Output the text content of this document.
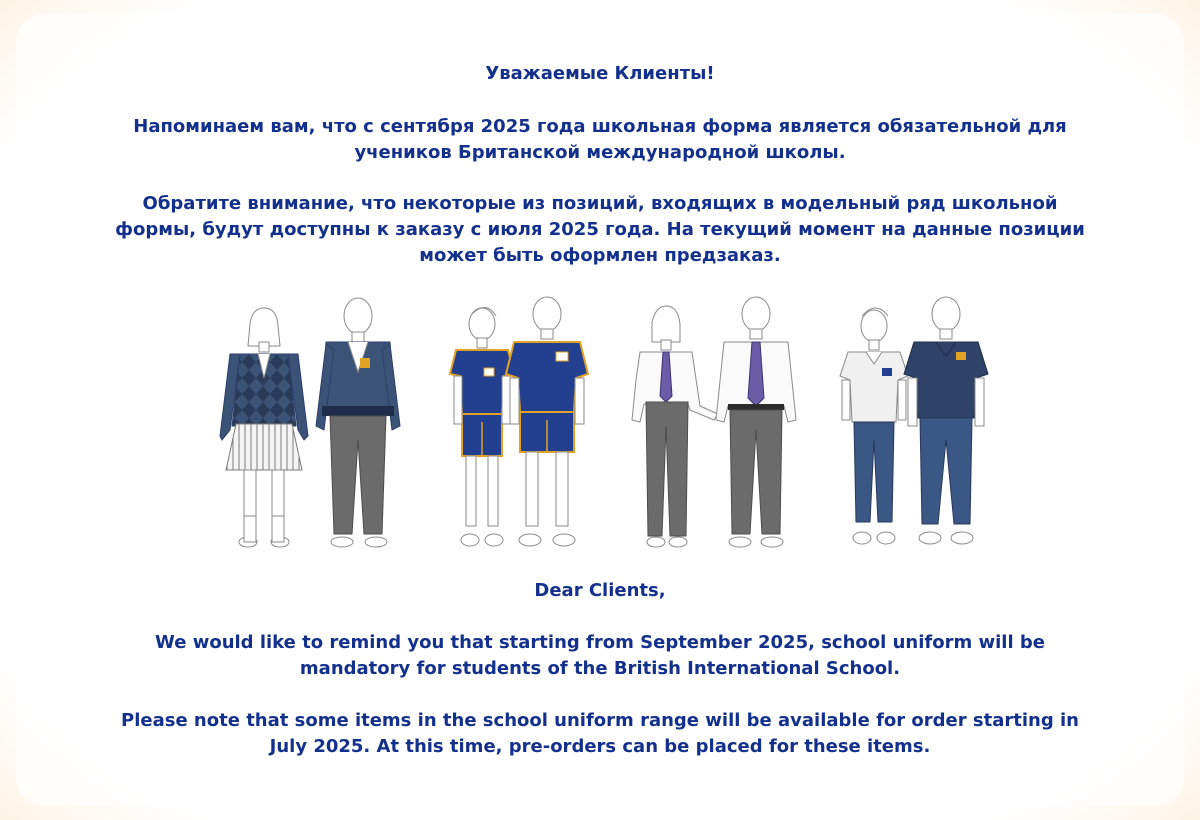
Уважаемые Клиенты!

Напоминаем вам, что с сентября 2025 года школьная форма является обязательной для
учеников Британской международной школы.

Обратите внимание, что некоторые из позиций, входящих в модельный ряд школьной
формы, будут доступны к заказу с июля 2025 года. На текущий момент на данные позиции
может быть оформлен предзаказ.

Dear Clients,

We would like to remind you that starting from September 2025, school uniform will be
mandatory for students of the British International School.

Please note that some items in the school uniform range will be available for order starting in
July 2025. At this time, pre-orders can be placed for these items.
